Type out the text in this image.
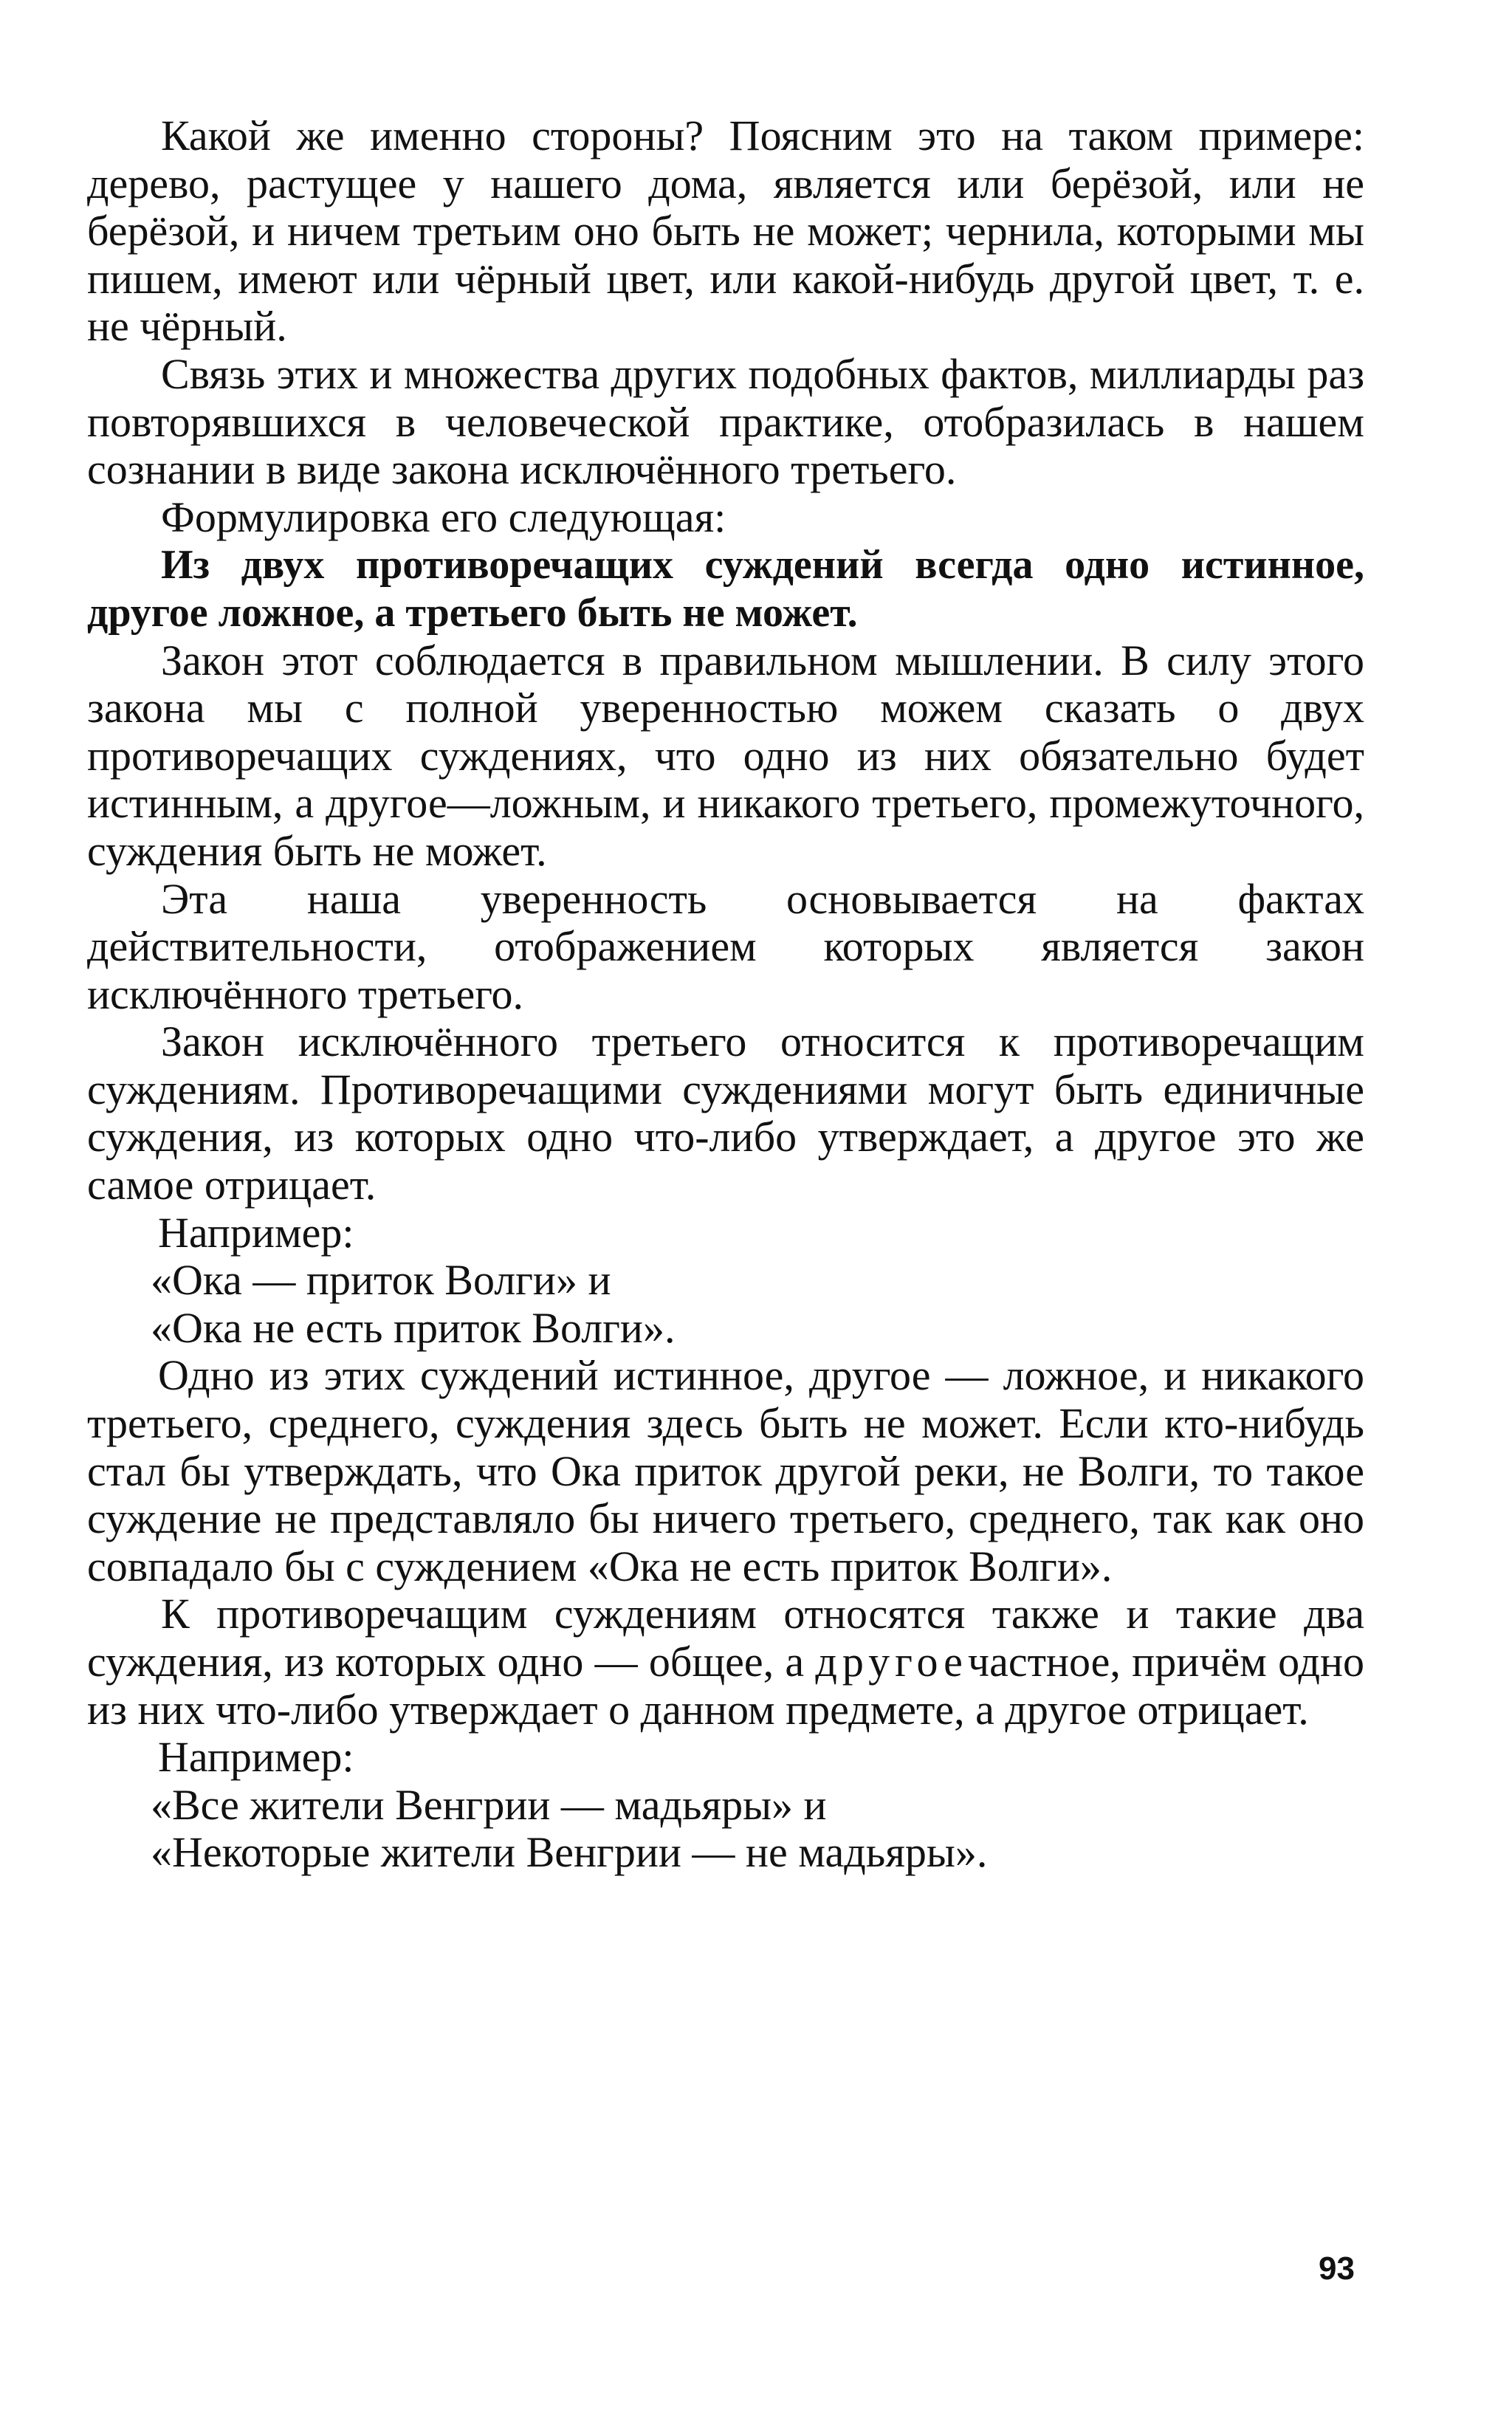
Какой же именно стороны? Поясним это на таком примере: дерево, растущее у нашего дома, является или берёзой, или не берёзой, и ничем третьим оно быть не может; чернила, которыми мы пишем, имеют или чёрный цвет, или какой-нибудь другой цвет, т. е. не чёрный.

Связь этих и множества других подобных фактов, миллиарды раз повторявшихся в человеческой практике, отобразилась в нашем сознании в виде закона исключённого третьего.

Формулировка его следующая:

Из двух противоречащих суждений всегда одно истинное, другое ложное, а третьего быть не может.

Закон этот соблюдается в правильном мышлении. В силу этого закона мы с полной уверенностью можем сказать о двух противоречащих суждениях, что одно из них обязательно будет истинным, а другое—ложным, и никакого третьего, промежуточного, суждения быть не может.

Эта наша уверенность основывается на фактах действительности, отображением которых является закон исключённого третьего.

Закон исключённого третьего относится к противоречащим суждениям. Противоречащими суждениями могут быть единичные суждения, из которых одно что-либо утверждает, а другое это же самое отрицает.

Например:

«Ока — приток Волги» и

«Ока не есть приток Волги».

Одно из этих суждений истинное, другое — ложное, и никакого третьего, среднего, суждения здесь быть не может. Если кто-нибудь стал бы утверждать, что Ока приток другой реки, не Волги, то такое суждение не представляло бы ничего третьего, среднего, так как оно совпадало бы с суждением «Ока не есть приток Волги».

К противоречащим суждениям относятся также и такие два суждения, из которых одно — общее, а другоечастное, причём одно из них что-либо утверждает о данном предмете, а другое отрицает.

Например:

«Все жители Венгрии — мадьяры» и

«Некоторые жители Венгрии — не мадьяры».

93
